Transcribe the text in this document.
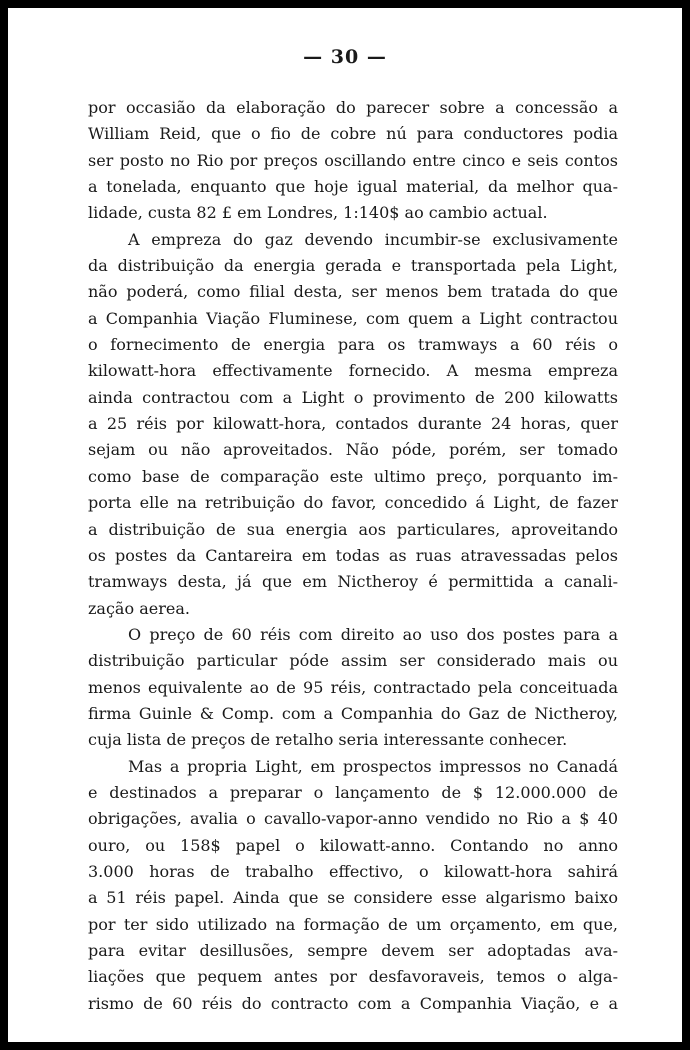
— 30 —
por occasião da elaboração do parecer sobre a concessão a
William Reid, que o fio de cobre nú para conductores podia
ser posto no Rio por preços oscillando entre cinco e seis contos
a tonelada, enquanto que hoje igual material, da melhor qua-
lidade, custa 82 £ em Londres, 1:140$ ao cambio actual.
A empreza do gaz devendo incumbir-se exclusivamente
da distribuição da energia gerada e transportada pela Light,
não poderá, como filial desta, ser menos bem tratada do que
a Companhia Viação Fluminese, com quem a Light contractou
o fornecimento de energia para os tramways a 60 réis o
kilowatt-hora effectivamente fornecido. A mesma empreza
ainda contractou com a Light o provimento de 200 kilowatts
a 25 réis por kilowatt-hora, contados durante 24 horas, quer
sejam ou não aproveitados. Não póde, porém, ser tomado
como base de comparação este ultimo preço, porquanto im-
porta elle na retribuição do favor, concedido á Light, de fazer
a distribuição de sua energia aos particulares, aproveitando
os postes da Cantareira em todas as ruas atravessadas pelos
tramways desta, já que em Nictheroy é permittida a canali-
zação aerea.
O preço de 60 réis com direito ao uso dos postes para a
distribuição particular póde assim ser considerado mais ou
menos equivalente ao de 95 réis, contractado pela conceituada
firma Guinle & Comp. com a Companhia do Gaz de Nictheroy,
cuja lista de preços de retalho seria interessante conhecer.
Mas a propria Light, em prospectos impressos no Canadá
e destinados a preparar o lançamento de $ 12.000.000 de
obrigações, avalia o cavallo-vapor-anno vendido no Rio a $ 40
ouro, ou 158$ papel o kilowatt-anno. Contando no anno
3.000 horas de trabalho effectivo, o kilowatt-hora sahirá
a 51 réis papel. Ainda que se considere esse algarismo baixo
por ter sido utilizado na formação de um orçamento, em que,
para evitar desillusões, sempre devem ser adoptadas ava-
liações que pequem antes por desfavoraveis, temos o alga-
rismo de 60 réis do contracto com a Companhia Viação, e a
